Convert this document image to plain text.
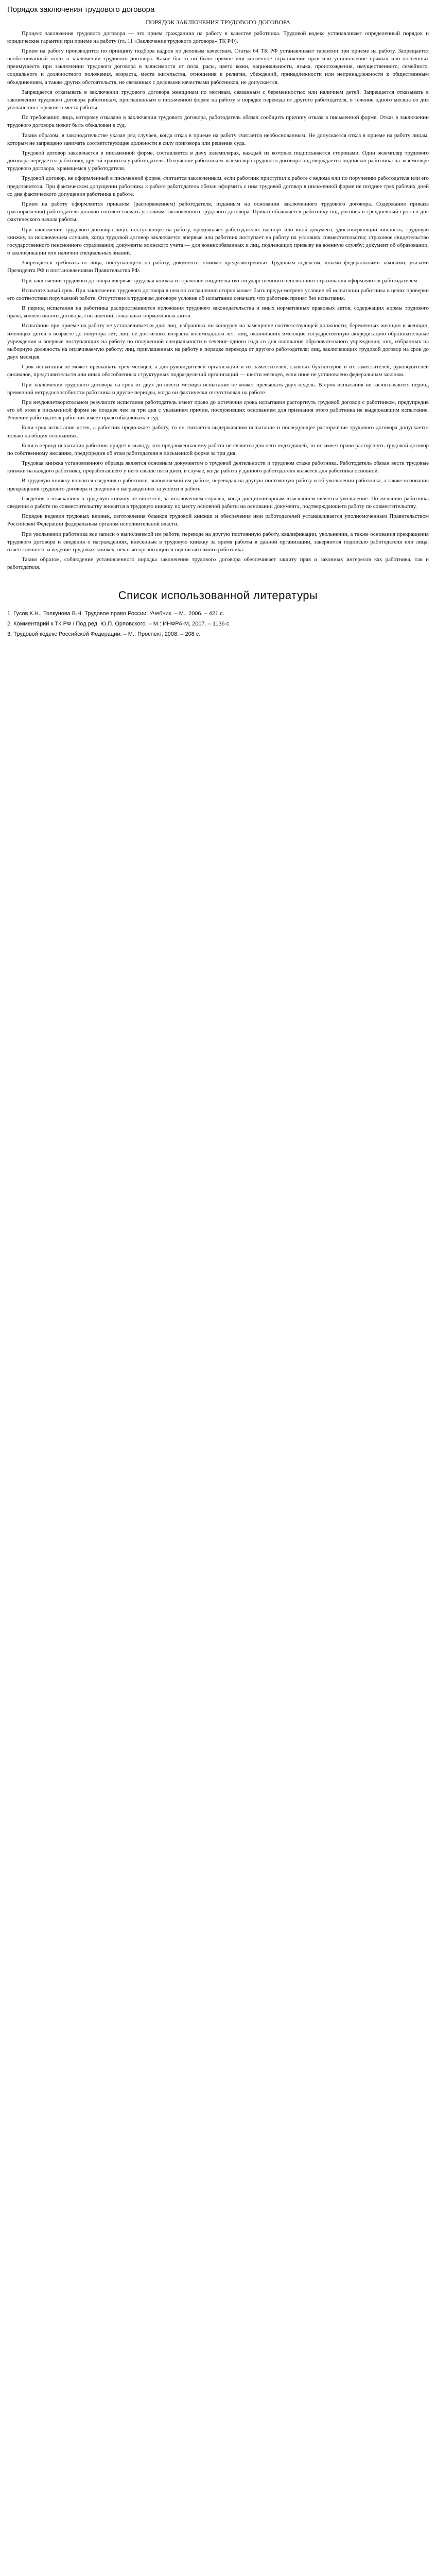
Порядок заключения трудового договора
ПОРЯДОК ЗАКЛЮЧЕНИЯ ТРУДОВОГО ДОГОВОРА

Процесс заключения трудового договора — это прием гражданина на работу в качестве работника. Трудовой кодекс устанавливает определенный порядок и юридические гарантии при приеме на работу (гл. 11 «Заключение трудового договора» ТК РФ).

Прием на работу производится по принципу подбора кадров по деловым качествам. Статья 64 ТК РФ устанавливает гарантии при приеме на работу. Запрещается необоснованный отказ в заключении трудового договора. Какое бы то ни было прямое или косвенное ограничение прав или установление прямых или косвенных преимуществ при заключении трудового договора в зависимости от пола, расы, цвета кожи, национальности, языка, происхождения, имущественного, семейного, социального и должностного положения, возраста, места жительства, отношения к религии, убеждений, принадлежности или непринадлежности к общественным объединениям, а также других обстоятельств, не связанных с деловыми качествами работников, не допускается.

Запрещается отказывать в заключении трудового договора женщинам по мотивам, связанным с беременностью или наличием детей. Запрещается отказывать в заключении трудового договора работникам, приглашенным в письменной форме на работу в порядке перевода от другого работодателя, в течение одного месяца со дня увольнения с прежнего места работы.

По требованию лица, которому отказано в заключении трудового договора, работодатель обязан сообщить причину отказа в письменной форме. Отказ в заключении трудового договора может быть обжалован в суд.

Таким образом, в законодательстве указан ряд случаев, когда отказ в приеме на работу считается необоснованным. Не допускается отказ в приеме на работу лицам, которым не запрещено занимать соответствующие должности в силу приговора или решения суда.

Трудовой договор заключается в письменной форме, составляется в двух экземплярах, каждый из которых подписывается сторонами. Один экземпляр трудового договора передается работнику, другой хранится у работодателя. Получение работником экземпляра трудового договора подтверждается подписью работника на экземпляре трудового договора, хранящемся у работодателя.

Трудовой договор, не оформленный в письменной форме, считается заключенным, если работник приступил к работе с ведома или по поручению работодателя или его представителя. При фактическом допущении работника к работе работодатель обязан оформить с ним трудовой договор в письменной форме не позднее трех рабочих дней со дня фактического допущения работника к работе.

Прием на работу оформляется приказом (распоряжением) работодателя, изданным на основании заключенного трудового договора. Содержание приказа (распоряжения) работодателя должно соответствовать условиям заключенного трудового договора. Приказ объявляется работнику под роспись в трехдневный срок со дня фактического начала работы.

При заключении трудового договора лицо, поступающее на работу, предъявляет работодателю: паспорт или иной документ, удостоверяющий личность; трудовую книжку, за исключением случаев, когда трудовой договор заключается впервые или работник поступает на работу на условиях совместительства; страховое свидетельство государственного пенсионного страхования; документы воинского учета — для военнообязанных и лиц, подлежащих призыву на военную службу; документ об образовании, о квалификации или наличии специальных знаний.

Запрещается требовать от лица, поступающего на работу, документы помимо предусмотренных Трудовым кодексом, иными федеральными законами, указами Президента РФ и постановлениями Правительства РФ.

При заключении трудового договора впервые трудовая книжка и страховое свидетельство государственного пенсионного страхования оформляются работодателем.

Испытательный срок. При заключении трудового договора в нем по соглашению сторон может быть предусмотрено условие об испытании работника в целях проверки его соответствия поручаемой работе. Отсутствие в трудовом договоре условия об испытании означает, что работник принят без испытания.

В период испытания на работника распространяются положения трудового законодательства и иных нормативных правовых актов, содержащих нормы трудового права, коллективного договора, соглашений, локальных нормативных актов.

Испытание при приеме на работу не устанавливается для: лиц, избранных по конкурсу на замещение соответствующей должности; беременных женщин и женщин, имеющих детей в возрасте до полутора лет; лиц, не достигших возраста восемнадцати лет; лиц, окончивших имеющие государственную аккредитацию образовательные учреждения и впервые поступающих на работу по полученной специальности в течение одного года со дня окончания образовательного учреждения; лиц, избранных на выборную должность на оплачиваемую работу; лиц, приглашенных на работу в порядке перевода от другого работодателя; лиц, заключающих трудовой договор на срок до двух месяцев.

Срок испытания не может превышать трех месяцев, а для руководителей организаций и их заместителей, главных бухгалтеров и их заместителей, руководителей филиалов, представительств или иных обособленных структурных подразделений организаций — шести месяцев, если иное не установлено федеральным законом.

При заключении трудового договора на срок от двух до шести месяцев испытание не может превышать двух недель. В срок испытания не засчитываются период временной нетрудоспособности работника и другие периоды, когда он фактически отсутствовал на работе.

При неудовлетворительном результате испытания работодатель имеет право до истечения срока испытания расторгнуть трудовой договор с работником, предупредив его об этом в письменной форме не позднее чем за три дня с указанием причин, послуживших основанием для признания этого работника не выдержавшим испытание. Решение работодателя работник имеет право обжаловать в суд.

Если срок испытания истек, а работник продолжает работу, то он считается выдержавшим испытание и последующее расторжение трудового договора допускается только на общих основаниях.

Если в период испытания работник придет к выводу, что предложенная ему работа не является для него подходящей, то он имеет право расторгнуть трудовой договор по собственному желанию, предупредив об этом работодателя в письменной форме за три дня.

Трудовая книжка установленного образца является основным документом о трудовой деятельности и трудовом стаже работника. Работодатель обязан вести трудовые книжки на каждого работника, проработавшего у него свыше пяти дней, в случае, когда работа у данного работодателя является для работника основной.

В трудовую книжку вносятся сведения о работнике, выполняемой им работе, переводах на другую постоянную работу и об увольнении работника, а также основания прекращения трудового договора и сведения о награждениях за успехи в работе.

Сведения о взысканиях в трудовую книжку не вносятся, за исключением случаев, когда дисциплинарным взысканием является увольнение. По желанию работника сведения о работе по совместительству вносятся в трудовую книжку по месту основной работы на основании документа, подтверждающего работу по совместительству.

Порядок ведения трудовых книжек, изготовления бланков трудовой книжки и обеспечения ими работодателей устанавливается уполномоченным Правительством Российской Федерации федеральным органом исполнительной власти.

При увольнении работника все записи о выполняемой им работе, переводе на другую постоянную работу, квалификации, увольнении, а также основания прекращения трудового договора и сведения о награждениях, внесенные в трудовую книжку за время работы в данной организации, заверяются подписью работодателя или лица, ответственного за ведение трудовых книжек, печатью организации и подписью самого работника.

Таким образом, соблюдение установленного порядка заключения трудового договора обеспечивает защиту прав и законных интересов как работника, так и работодателя.

Список использованной литературы
1. Гусов К.Н., Толкунова В.Н. Трудовое право России: Учебник. – М., 2006. – 421 с.
2. Комментарий к ТК РФ / Под ред. Ю.П. Орловского. – М.: ИНФРА-М, 2007. – 1136 с.
3. Трудовой кодекс Российской Федерации. – М.: Проспект, 2008. – 208 с.
